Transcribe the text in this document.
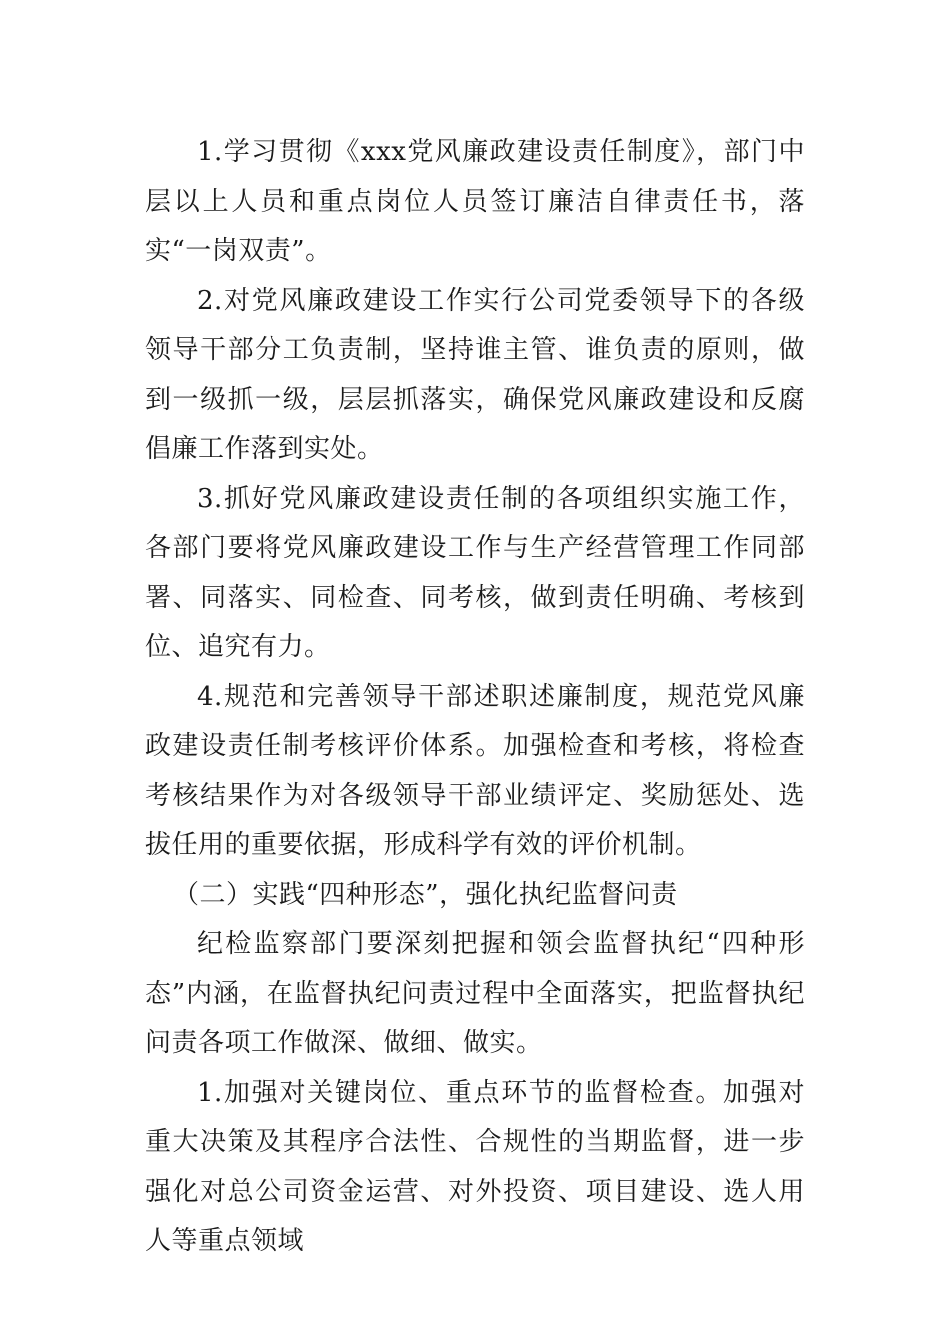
1.学习贯彻《xxx党风廉政建设责任制度》，部门中层以上人员和重点岗位人员签订廉洁自律责任书，落实“一岗双责”。

2.对党风廉政建设工作实行公司党委领导下的各级领导干部分工负责制，坚持谁主管、谁负责的原则，做到一级抓一级，层层抓落实，确保党风廉政建设和反腐倡廉工作落到实处。

3.抓好党风廉政建设责任制的各项组织实施工作，各部门要将党风廉政建设工作与生产经营管理工作同部署、同落实、同检查、同考核，做到责任明确、考核到位、追究有力。

4.规范和完善领导干部述职述廉制度，规范党风廉政建设责任制考核评价体系。加强检查和考核，将检查考核结果作为对各级领导干部业绩评定、奖励惩处、选拔任用的重要依据，形成科学有效的评价机制。

（二）实践“四种形态”，强化执纪监督问责

纪检监察部门要深刻把握和领会监督执纪“四种形态”内涵，在监督执纪问责过程中全面落实，把监督执纪问责各项工作做深、做细、做实。

1.加强对关键岗位、重点环节的监督检查。加强对重大决策及其程序合法性、合规性的当期监督，进一步强化对总公司资金运营、对外投资、项目建设、选人用人等重点领域
